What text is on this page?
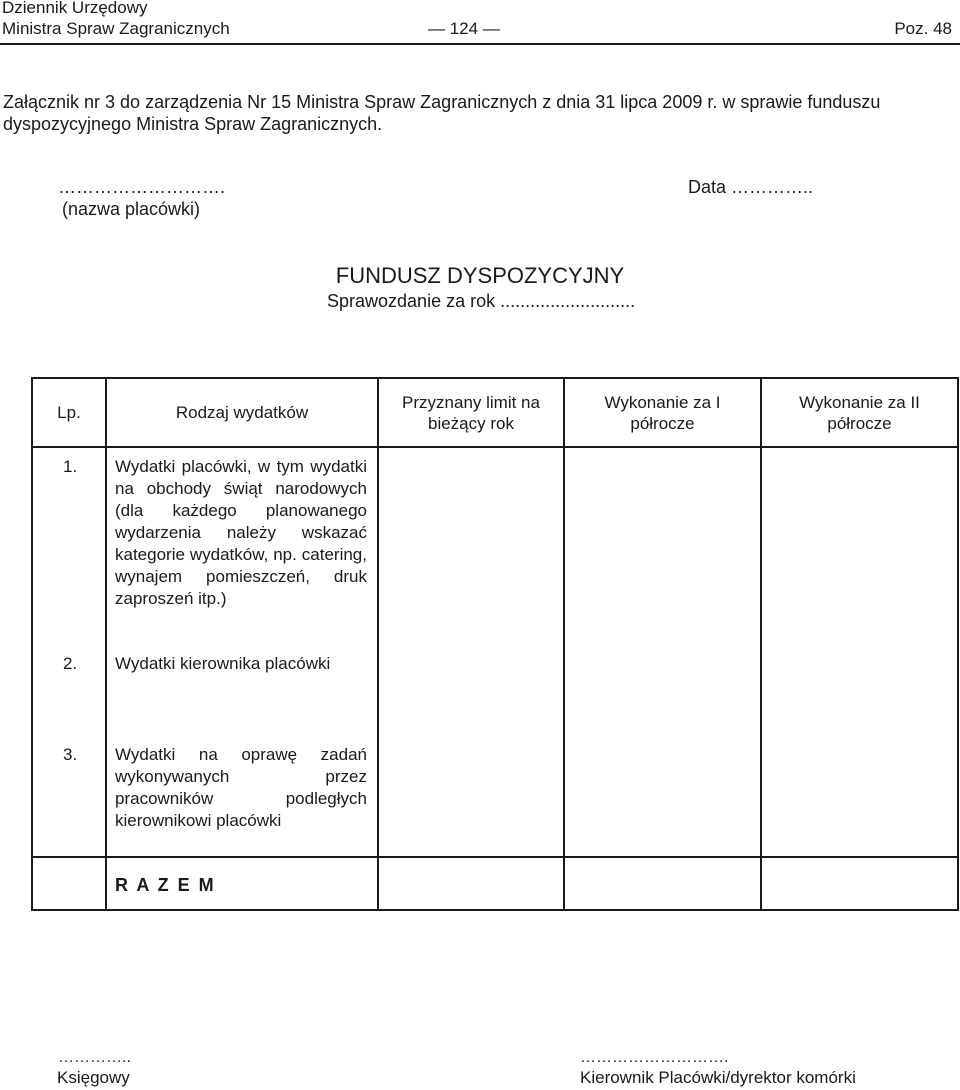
Dziennik Urzędowy
Ministra Spraw Zagranicznych	— 124 —	Poz. 48
Załącznik nr 3 do zarządzenia Nr 15 Ministra Spraw Zagranicznych z dnia 31 lipca 2009 r. w sprawie funduszu dyspozycyjnego Ministra Spraw Zagranicznych.
……………………….
(nazwa placówki)
Data …………..
FUNDUSZ DYSPOZYCYJNY
Sprawozdanie za rok ...........................
Lp.	Rodzaj wydatków	Przyznany limit na bieżący rok	Wykonanie za I półrocze	Wykonanie za II półrocze
1.	Wydatki placówki, w tym wydatki na obchody świąt narodowych (dla każdego planowanego wydarzenia należy wskazać kategorie wydatków, np. catering, wynajem pomieszczeń, druk zaproszeń itp.)			
2.	Wydatki kierownika placówki			
3.	Wydatki na oprawę zadań wykonywanych przez pracowników podległych kierownikowi placówki			
	R A Z E M			
…………..
Księgowy
……………………….
Kierownik Placówki/dyrektor komórki
